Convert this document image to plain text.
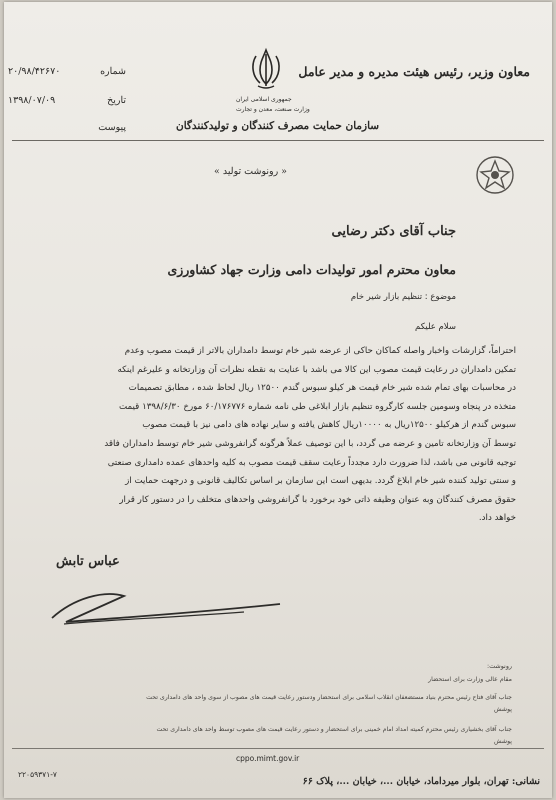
معاون وزیر، رئیس هیئت مدیره و مدیر عامل
جمهوری اسلامی ایران
وزارت صنعت، معدن و تجارت
سازمان حمایت مصرف کنندگان و تولیدکنندگان
شماره
۲۰/۹۸/۴۲۶۷۰
تاریخ
۱۳۹۸/۰۷/۰۹
پیوست
« رونوشت تولید »
جناب آقای دکتر رضایی
معاون محترم امور تولیدات دامی وزارت جهاد کشاورزی
موضوع : تنظیم بازار شیر خام
سلام علیکم
احتراماً، گزارشات واخبار واصله کماکان حاکی از عرضه شیر خام توسط دامداران بالاتر از قیمت مصوب وعدم
تمکین دامداران در رعایت قیمت مصوب این کالا می باشد با عنایت به نقطه نظرات آن وزارتخانه و علیرغم اینکه
در محاسبات بهای تمام شده شیر خام قیمت هر کیلو سبوس گندم ۱۲۵۰۰ ریال لحاظ شده ، مطابق تصمیمات
متخذه در پنجاه وسومین جلسه کارگروه تنظیم بازار ابلاغی طی نامه شماره ۶۰/۱۷۶۷۷۶ مورخ ۱۳۹۸/۶/۳۰ قیمت
سبوس گندم از هرکیلو ۱۲۵۰۰ریال به ۱۰۰۰۰ریال کاهش یافته و سایر نهاده های دامی نیز با قیمت مصوب
توسط آن وزارتخانه تامین و عرضه می گردد، با این توصیف عملاً هرگونه گرانفروشی شیر خام توسط دامداران فاقد
توجیه قانونی می باشد، لذا ضرورت دارد مجدداً رعایت سقف قیمت مصوب به کلیه واحدهای عمده دامداری صنعتی
و سنتی تولید کننده شیر خام ابلاغ گردد. بدیهی است این سازمان بر اساس تکالیف قانونی و درجهت حمایت از
حقوق مصرف کنندگان وبه عنوان وظیفه ذاتی خود برخورد با گرانفروشی واحدهای متخلف را در دستور کار قرار
خواهد داد.
عباس تابش
رونوشت:
مقام عالی وزارت برای استحضار
جناب آقای فتاح رئیس محترم بنیاد مستضعفان انقلاب اسلامی برای استحضار ودستور رعایت قیمت های مصوب از سوی واحد های دامداری تحت
پوشش
جناب آقای بخشیاری رئیس محترم کمیته امداد امام خمینی برای استحضار و دستور رعایت قیمت های مصوب توسط واحد های دامداری تحت
پوشش
cppo.mimt.gov.ir
نشانی: تهران، بلوار میرداماد، خیابان ...، خیابان ...، پلاک ۶۶
۲۲۰۵۹۳۷۱-۷
